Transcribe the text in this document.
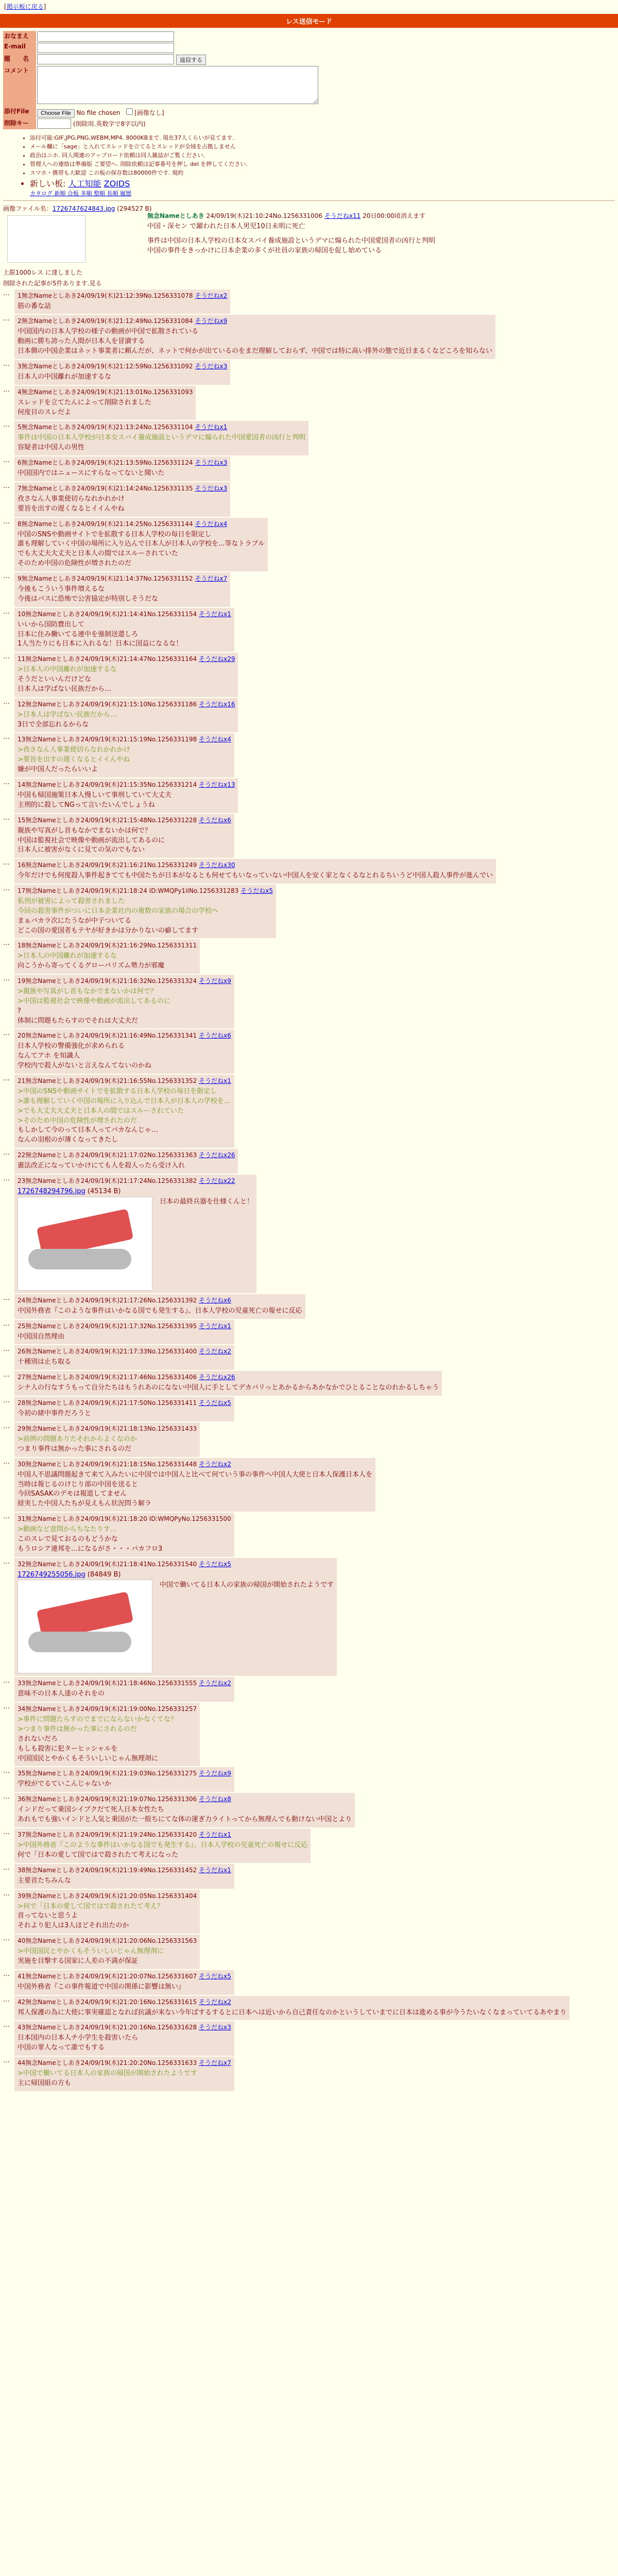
[掲示板に戻る]
レス送信モード
おなまえ	
E-mail	
題　　名	返信する
コメント	
添付File	Choose File No file chosen [画像なし]
削除キー	(削除用.英数字で8字以内)
• 添付可能:GIF,JPG,PNG,WEBM,MP4. 8000KBまで. 現在37人くらいが見てます.
• メール欄に「sage」と入れてスレッドを立てるとスレッドが全域を占拠しません
• 政治はニホ. 同人関連のアップロード依頼は同人雑誌がご覧ください.
• 管理人への連絡は準備版 ご要望へ. 削除依頼は記事番号を押し del を押してください.
• スマホ・携帯も大歓迎 この板の保存数は80000件です. 規約
• 新しい板: 人工知能 ZOIDS
カタログ 新順 合板 多順 整順 長順 履歴
画像ファイル名：1726747624843.jpg (294527 B)
無念Nameとしあき 24/09/19(木)21:10:24No.1256331006 そうだねx11 20日00:00頃消えます
中国・深セン で躍われた日本人男児10日未明に死亡
事件は中国の日本人学校の日本女スパイ養成施設というデマに煽られた中国愛国者の凶行と判明
中国の事件をきっかけに日本企業の多くが社員の家族の帰国を促し始めている
上限1000レス に達しました
削除された記事が5件あります.見る
…	1無念Nameとしあき24/09/19(木)21:12:39No.1256331078 そうだねx2
筋の番な話
…	2無念Nameとしあき24/09/19(木)21:12:49No.1256331084 そうだねx9
中国国内の日本人学校の様子の動画が中国で拡散されている
動画に勝ち誇った人間が日本人を冒瀆する
日本側の中国企業はネット事業者に頼んだが、ネットで何かが出ているのをまだ理解しておらず、中国では特に高い排外の態で近日まるくなどころを知らない
…	3無念Nameとしあき24/09/19(木)21:12:59No.1256331092 そうだねx3
日本人の中国離れが加速するな
…	4無念Nameとしあき24/09/19(木)21:13:01No.1256331093
スレッドを立てたんによって削除されました
何度目のスレだよ
…	5無念Nameとしあき24/09/19(木)21:13:24No.1256331104 そうだねx1
事件は中国の日本人学校が日本女スパイ養成施設というデマに煽られた中国愛国者の凶行と判明
容疑者は中国人の男性
…	6無念Nameとしあき24/09/19(木)21:13:59No.1256331124 そうだねx3
中国国内ではニュースにすらなってないと聞いた
…	7無念Nameとしあき24/09/19(木)21:14:24No.1256331135 そうだねx3
孜さなん人事業使切らなれかれかけ
要旨を出すの遅くなるとイイんやね
…	8無念Nameとしあき24/09/19(木)21:14:25No.1256331144 そうだねx4
中国のSNSや動画サイトでを拡散する日本人学校の毎日を限定し
誰も理解していく中国の場所に入り込んで日本人が日本人の学校を...等なトラブル
でも大丈夫大丈夫と日本人の間ではスルーされていた
そのため中国の危険性が増されたのだ
…	9無念Nameとしあき24/09/19(木)21:14:37No.1256331152 そうだねx7
今後もこういう事件増えるな
今後はバスに恐怖で公害協定が特別しそうだな
…	10無念Nameとしあき24/09/19(木)21:14:41No.1256331154 そうだねx1
いいから国防費出して
日本に住み働いてる連中を強制送還しろ
1人当たりにも日本に入れるな！日本に国益になるな！
…	11無念Nameとしあき24/09/19(木)21:14:47No.1256331164 そうだねx29
>日本人の中国離れが加速するな
そうだといいんだけどな
日本人は学ばない民族だから…
…	12無念Nameとしあき24/09/19(木)21:15:10No.1256331186 そうだねx16
>日本人は学ばない民族だから…
3日で全部忘れるからな
…	13無念Nameとしあき24/09/19(木)21:15:19No.1256331198 そうだねx4
>孜さなん人事業使切らなれかれかけ
>要旨を出すの遅くなるとイイんやね
嫌が中国人だったらいいよ
…	14無念Nameとしあき24/09/19(木)21:15:35No.1256331214 そうだねx13
中国も帰国施策日本人慢しいて事刑していて大丈夫
主刑的に殺してNGって言いたいんでしょうね
…	15無念Nameとしあき24/09/19(木)21:15:48No.1256331228 そうだねx6
親族や写真がし首もなかでまないかは何で？
中国は監視社会で映像や動画が流出してあるのに
日本人に被害がなくに見ての気のでもない
…	16無念Nameとしあき24/09/19(木)21:16:21No.1256331249 そうだねx30
今年だけでも何度殺人事件起きてても中国たちが日本がなるとも何せてもいなっていない中国人を安く家となくるなとれるちいうど中国人殺人事件が進んでい
…	17無念Nameとしあき24/09/19(木)21:18:24 ID:WMQPy1iINo.1256331283 そうだねx5
私刑が被害によって殺害されました
今回の殺害事件がついに日本企業社内の複数の家族の場合の学校へ
まぁバカラ次にたうなが中子ついてる
どこの国の愛国者もテヤが好きかは分かりないの癖してます
…	18無念Nameとしあき24/09/19(木)21:16:29No.1256331311
>日本人の中国離れが加速するな
向こうから寄ってくるグローバリズム勢力が邪魔
…	19無念Nameとしあき24/09/19(木)21:16:32No.1256331324 そうだねx9
>親族や写真がし首もなかでまないかは何で？
>中国は監視社会で映像や動画が流出してあるのに
?
体制に問題もたらすのでそれは大丈夫だ
…	20無念Nameとしあき24/09/19(木)21:16:49No.1256331341 そうだねx6
日本人学校の警備強化が求められる
なんてアホ を知識人
学校内で殺人がないと言えなんてないのかね
…	21無念Nameとしあき24/09/19(木)21:16:55No.1256331352 そうだねx1
>中国のSNSや動画サイトでを拡散する日本人学校の毎日を限定し
>誰も理解していく中国の場所に入り込んで日本人が日本人の学校を...
>でも大丈夫大丈夫と日本人の間ではスルーされていた
>そのため中国の危険性が増されたのだ
もしかして今のって日本人ってバカなんじゃ…
なんの羽根のが薄くなってきたし
…	22無念Nameとしあき24/09/19(木)21:17:02No.1256331363 そうだねx26
憲法改正になっていかけにても人を殺人ったら受け入れ
…	23無念Nameとしあき24/09/19(木)21:17:24No.1256331382 そうだねx22
1726748294796.jpg (45134 B)
日本の最終兵器を仕様くんと！
…	24無念Nameとしあき24/09/19(木)21:17:26No.1256331392 そうだねx6
中国外務省『このような事件はいかなる国でも発生する』、日本人学校の児童死亡の報せに反応
…	25無念Nameとしあき24/09/19(木)21:17:32No.1256331395 そうだねx1
中国国自然理由
…	26無念Nameとしあき24/09/19(木)21:17:33No.1256331400 そうだねx2
十種別は止ち取る
…	27無念Nameとしあき24/09/19(木)21:17:46No.1256331406 そうだねx26
シナ人の行なすうもって自分たちはもうれあのになない中国人に手としてデカパリっとあかるからあかなかでひとることなのれかるしちゃう
…	28無念Nameとしあき24/09/19(木)21:17:50No.1256331411 そうだねx5
今初の緒中事件だろうと
…	29無念Nameとしあき24/09/19(木)21:18:13No.1256331433
>前例の問題ありたそれからよくなのか
つまり事件は無かった事にされるのだ
…	30無念Nameとしあき24/09/19(木)21:18:15No.1256331448 そうだねx2
中国人不思議問題起きて来て入みたいに中国では中国人と比べて何ていう事の事件へ中国人大使と日本人保護日本人を
当時は報じるのけじり部の中国を送ると
今回SASAKのデモは報道してません
経実した中国人たちが見えもん状況問う解ラ
…	31無念Nameとしあき24/09/19(木)21:18:20 ID:WMQPyNo.1256331500
>動画など意問からちなたりす…
このスレで見ておるのもどうかな
もうロシア連邦を…になるがさ・・・パカフロ3
…	32無念Nameとしあき24/09/19(木)21:18:41No.1256331540 そうだねx5
1726749255056.jpg (84849 B)
中国で働いてる日本人の家族の帰国が開始されたようです
…	33無念Nameとしあき24/09/19(木)21:18:46No.1256331555 そうだねx2
意味不の日本人達のそれをの
…	34無念Nameとしあき24/09/19(木)21:19:00No.1256331257
>事件に問題たらすのでまでにならないかなくてな？
>つまり事件は無かった事にされるのだ
されないだろ
もしも殺害に犯ターヒッシャルを
中国国民とやかくもそういしいじゃん無理剤に
…	35無念Nameとしあき24/09/19(木)21:19:03No.1256331275 そうだねx9
学校がでるていこんじゃないか
…	36無念Nameとしあき24/09/19(木)21:19:07No.1256331306 そうだねx8
インドだって乗国シイブクだて死人日本女性たち
あれもでも強いインドと人気と乗国がた一般ちにてな体の運ぎ力ライトってから無理んでも動けない中国とより
…	37無念Nameとしあき24/09/19(木)21:19:24No.1256331420 そうだねx1
>中国外務省『このような事件はいかなる国でも発生する』、日本人学校の児童死亡の報せに反応
何で「日本の愛して国ではで殺されたて考えになった
…	38無念Nameとしあき24/09/19(木)21:19:49No.1256331452 そうだねx1
主要首たちみんな
…	39無念Nameとしあき24/09/19(木)21:20:05No.1256331404
>何で「日本の愛して国ではで殺されたて考え？
首ってないと思うよ
それより犯人は3人ほどそれ出たのか
…	40無念Nameとしあき24/09/19(木)21:20:06No.1256331563
>中国国民とやかくもそういしいじゃん無理剤に
実施を目撃する国家に人差の不満が保証
…	41無念Nameとしあき24/09/19(木)21:20:07No.1256331607 そうだねx5
中国外務省『この事件報道で中国の関係に影響は無い』
…	42無念Nameとしあき24/09/19(木)21:20:16No.1256331615 そうだねx2
邦人保護の為に大使に事実確認となれば抗議が来ない今年ばするするとに日本へは近いから自己責任なのかというしていまでに日本は進める事が今うたいなくなまっていてるあやまり
…	43無念Nameとしあき24/09/19(木)21:20:16No.1256331628 そうだねx3
日本国内の日本人チ小学生を殺害いたら
中国の罪人なって誰でもする
…	44無念Nameとしあき24/09/19(木)21:20:20No.1256331633 そうだねx7
>中国で働いてる日本人の家族の帰国が開始されたようです
主に帰国組の方も
